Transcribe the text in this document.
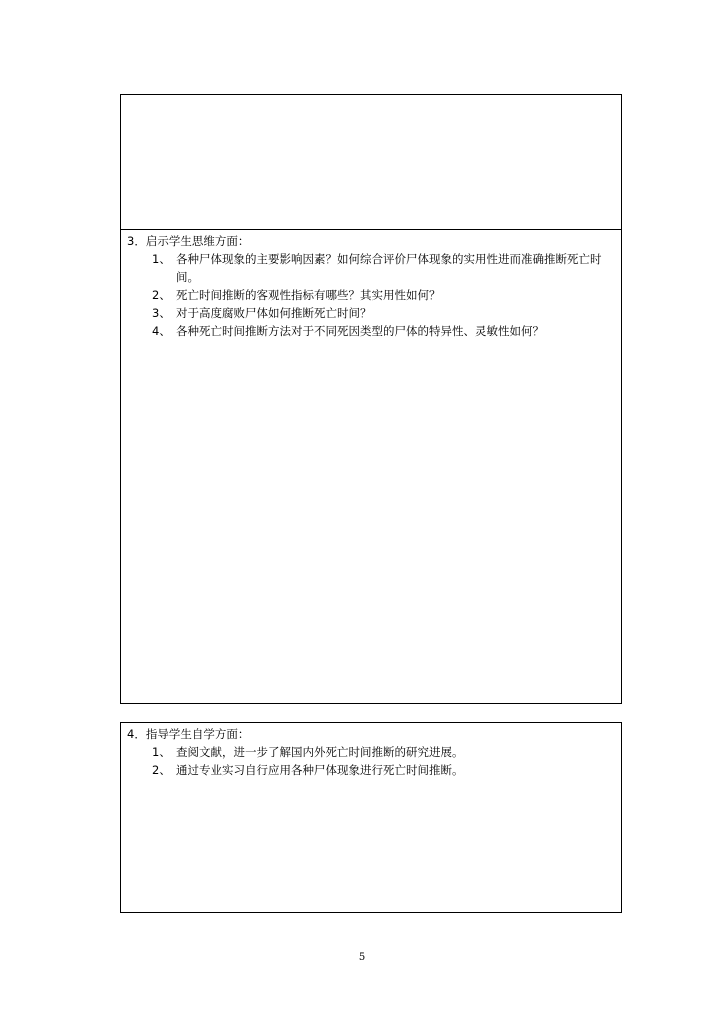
3．启示学生思维方面：
1、 各种尸体现象的主要影响因素？如何综合评价尸体现象的实用性进而准确推断死亡时间。
2、 死亡时间推断的客观性指标有哪些？其实用性如何？
3、 对于高度腐败尸体如何推断死亡时间？
4、 各种死亡时间推断方法对于不同死因类型的尸体的特异性、灵敏性如何？
4．指导学生自学方面：
1、 查阅文献，进一步了解国内外死亡时间推断的研究进展。
2、 通过专业实习自行应用各种尸体现象进行死亡时间推断。
5
